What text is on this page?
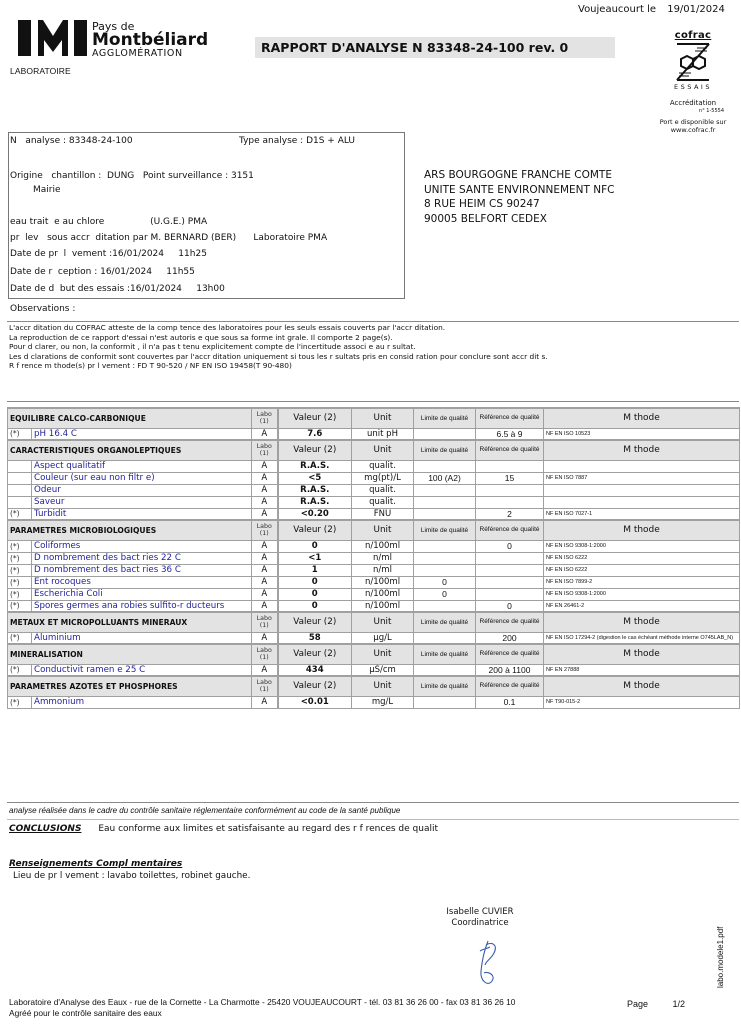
Voujeaucourt le 19/01/2024
Pays de
Montbéliard
AGGLOMÉRATION
LABORATOIRE
RAPPORT D'ANALYSE N 83348-24-100 rev. 0
cofrac
ESSAIS
Accréditation
n° 1-5554
Port e disponible sur
www.cofrac.fr
N   analyse : 83348-24-100	Type analyse : D1S + ALU
Origine   chantillon :  DUNG   Point surveillance : 3151
Mairie
eau trait  e au chlore                (U.G.E.) PMA
pr  lev   sous accr  ditation par M. BERNARD (BER)      Laboratoire PMA
Date de pr  l  vement :16/01/2024     11h25
Date de r  ception : 16/01/2024     11h55
Date de d  but des essais :16/01/2024     13h00
Observations :
ARS BOURGOGNE FRANCHE COMTE
UNITE SANTE ENVIRONNEMENT NFC
8 RUE HEIM CS 90247
90005 BELFORT CEDEX
L'accr ditation du COFRAC atteste de la comp tence des laboratoires pour les seuls essais couverts par l'accr ditation.
La reproduction de ce rapport d'essai n'est autoris e que sous sa forme int grale. Il comporte 2 page(s).
Pour d clarer, ou non, la conformit , il n'a pas t tenu explicitement compte de l'incertitude associ e au r sultat.
Les d clarations de conformit sont couvertes par l'accr ditation uniquement si tous les r sultats pris en consid ration pour conclure sont accr dit s.
R f rence m thode(s) pr l vement : FD T 90-520 / NF EN ISO 19458(T 90-480)
EQUILIBRE CALCO-CARBONIQUE		Labo (1)	Valeur (2)	Unit	Limite de qualité	Référence de qualité	M thode
(*)	pH 16.4 C	A	7.6	unit pH		6.5 à 9	NF EN ISO 10523
CARACTERISTIQUES ORGANOLEPTIQUES		Labo (1)	Valeur (2)	Unit	Limite de qualité	Référence de qualité	M thode
	Aspect qualitatif	A	R.A.S.	qualit.			
	Couleur (sur eau non filtr e)	A	<5	mg(pt)/L	100 (A2)	15	NF EN ISO 7887
	Odeur	A	R.A.S.	qualit.			
	Saveur	A	R.A.S.	qualit.			
(*)	Turbidit	A	<0.20	FNU		2	NF EN ISO 7027-1
PARAMETRES MICROBIOLOGIQUES		Labo (1)	Valeur (2)	Unit	Limite de qualité	Référence de qualité	M thode
(*)	Coliformes	A	0	n/100ml		0	NF EN ISO 9308-1:2000
(*)	D nombrement des bact ries 22 C	A	<1	n/ml			NF EN ISO 6222
(*)	D nombrement des bact ries 36 C	A	1	n/ml			NF EN ISO 6222
(*)	Ent rocoques	A	0	n/100ml	0		NF EN ISO 7899-2
(*)	Escherichia Coli	A	0	n/100ml	0		NF EN ISO 9308-1:2000
(*)	Spores germes ana robies sulfito-r ducteurs	A	0	n/100ml		0	NF EN 26461-2
METAUX ET MICROPOLLUANTS MINERAUX		Labo (1)	Valeur (2)	Unit	Limite de qualité	Référence de qualité	M thode
(*)	Aluminium	A	58	µg/L		200	NF EN ISO 17294-2 (digestion le cas échéant méthode interne O745LAB_N)
MINERALISATION		Labo (1)	Valeur (2)	Unit	Limite de qualité	Référence de qualité	M thode
(*)	Conductivit ramen e 25 C	A	434	µS/cm		200 à 1100	NF EN 27888
PARAMETRES AZOTES ET PHOSPHORES		Labo (1)	Valeur (2)	Unit	Limite de qualité	Référence de qualité	M thode
(*)	Ammonium	A	<0.01	mg/L		0.1	NF T90-015-2
analyse réalisée dans le cadre du contrôle sanitaire réglementaire conformément au code de la santé publique
CONCLUSIONS Eau conforme aux limites et satisfaisante au regard des r f rences de qualit
Renseignements Compl mentaires
Lieu de pr l vement : lavabo toilettes, robinet gauche.
Isabelle CUVIER
Coordinatrice
Laboratoire d'Analyse des Eaux - rue de la Cornette - La Charmotte - 25420 VOUJEAUCOURT - tél. 03 81 36 26 00 - fax 03 81 36 26 10
Agréé pour le contrôle sanitaire des eaux
Page	1/2
labo.modele1.pdf
